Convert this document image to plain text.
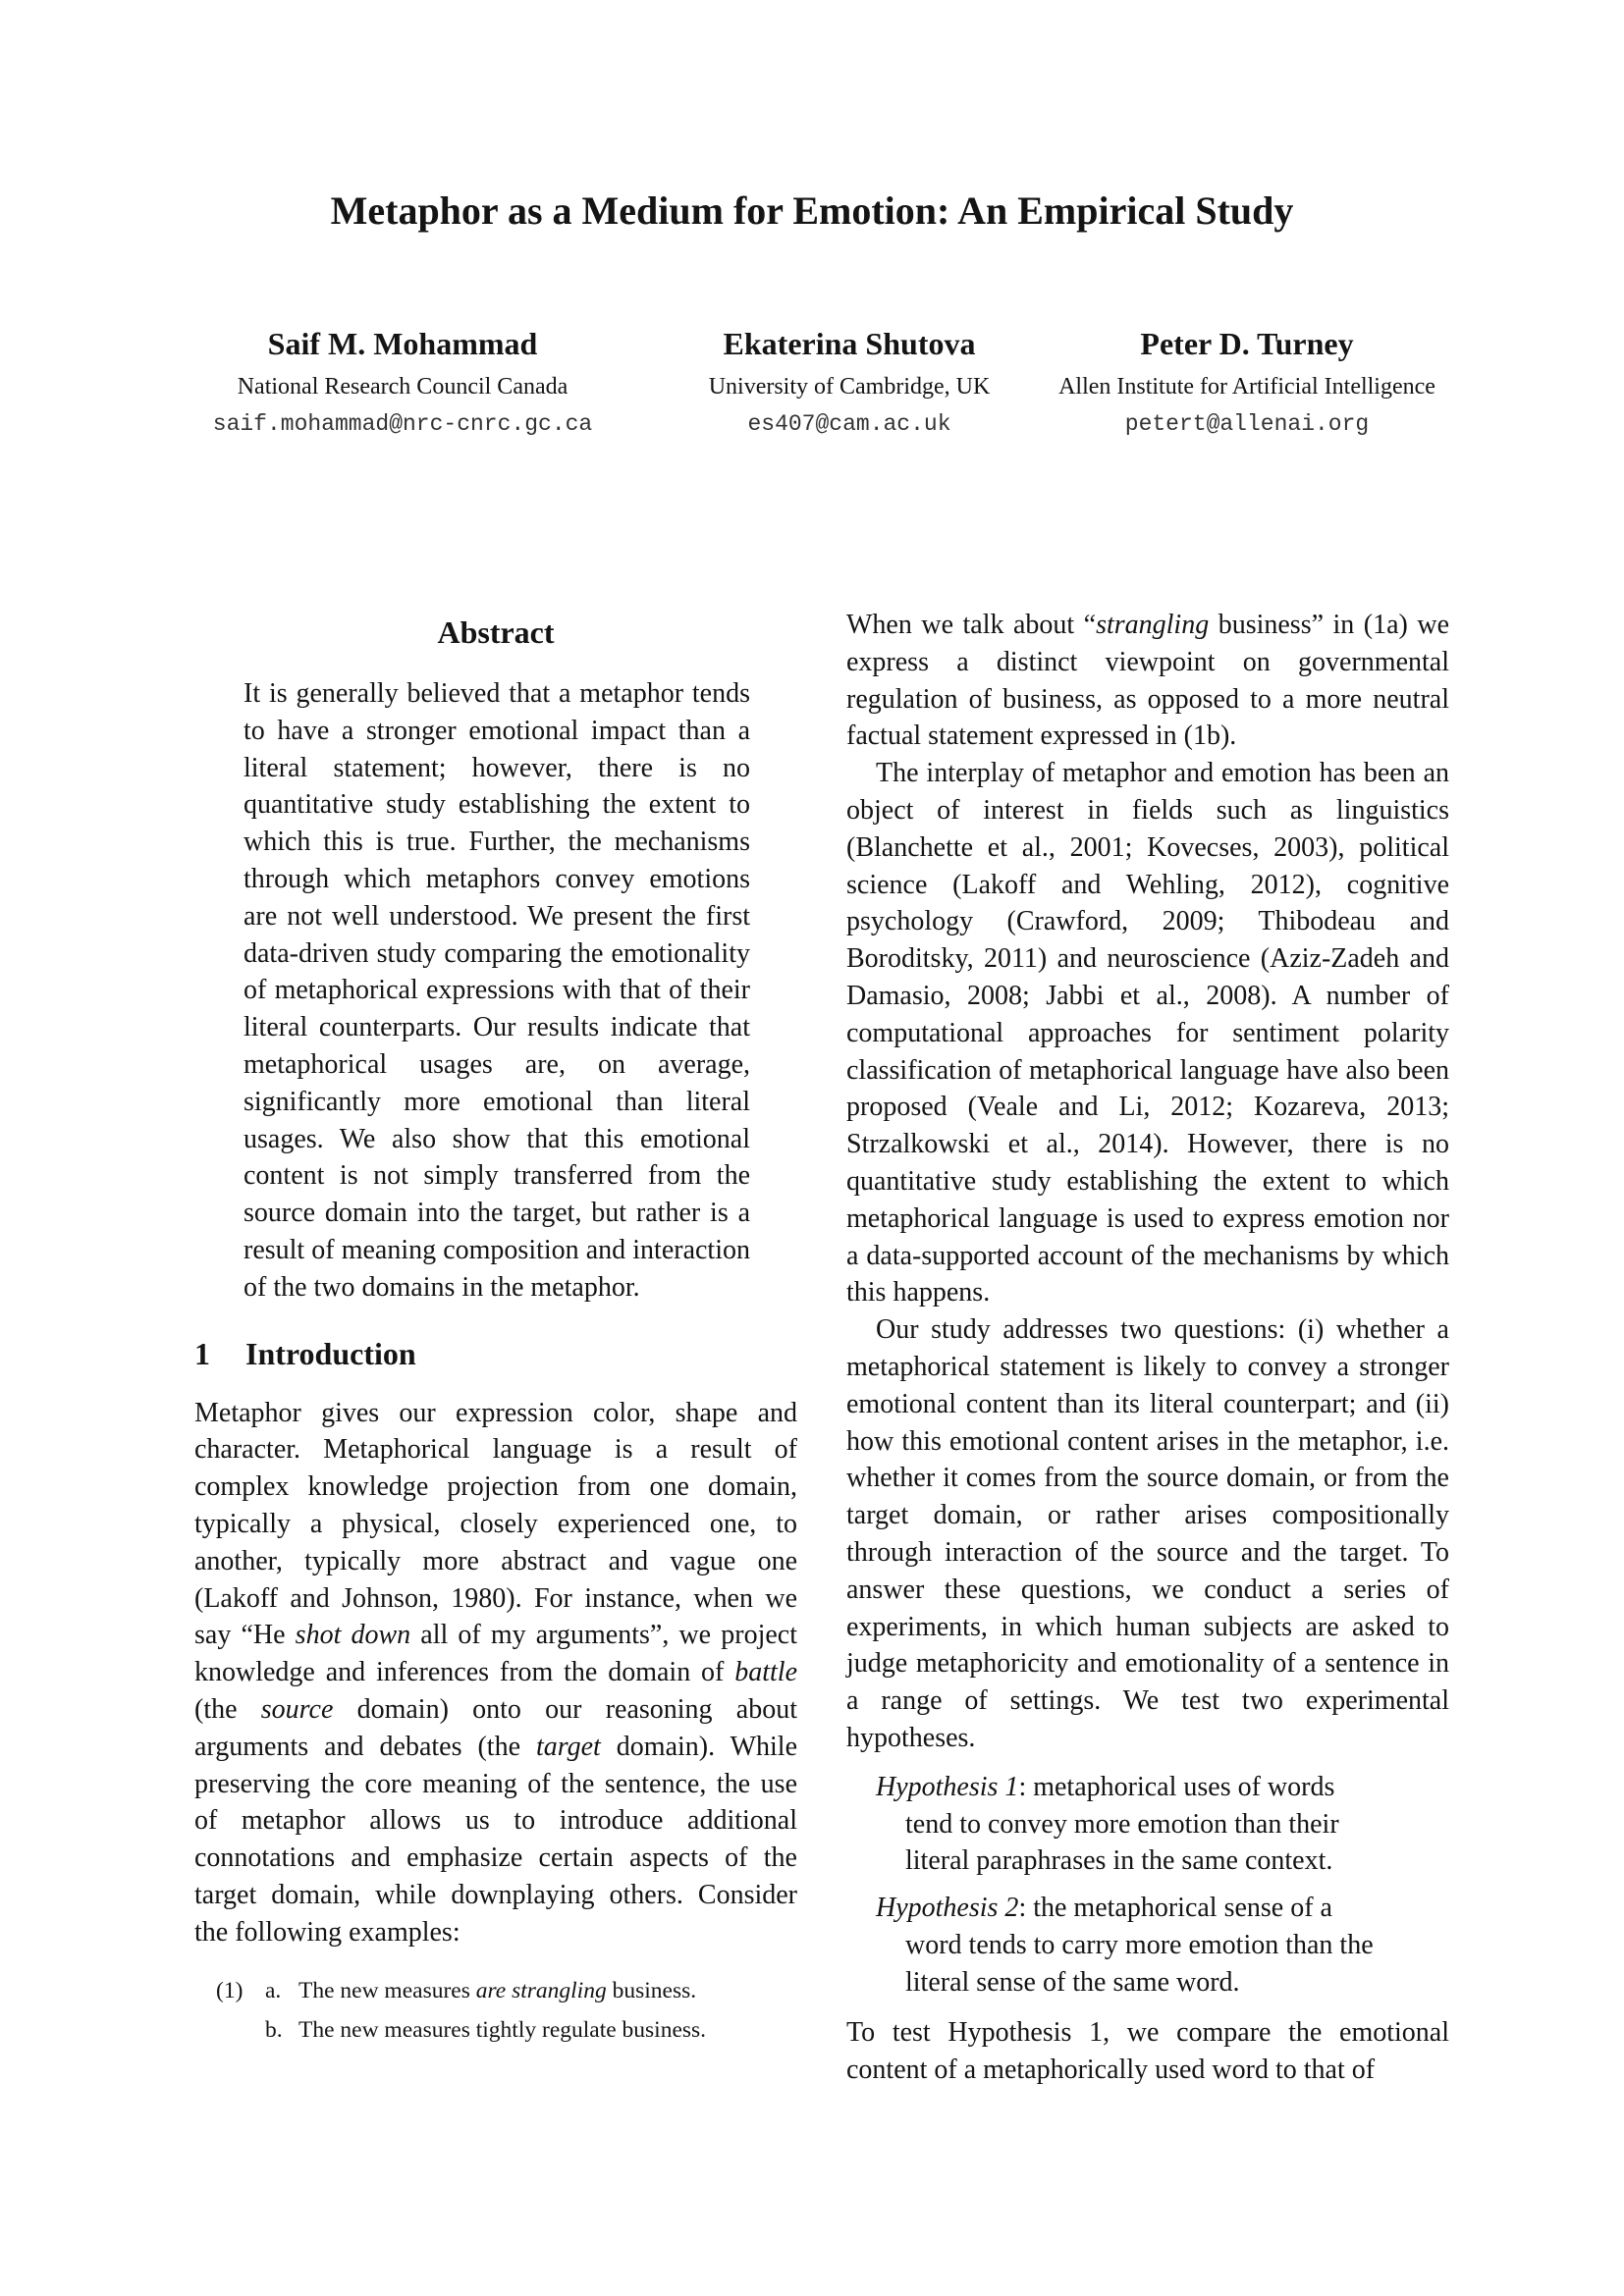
Metaphor as a Medium for Emotion: An Empirical Study
Saif M. Mohammad
National Research Council Canada
saif.mohammad@nrc-cnrc.gc.ca
Ekaterina Shutova
University of Cambridge, UK
es407@cam.ac.uk
Peter D. Turney
Allen Institute for Artificial Intelligence
petert@allenai.org
Abstract

It is generally believed that a metaphor tends to have a stronger emotional impact than a literal statement; however, there is no quantitative study establishing the extent to which this is true. Further, the mechanisms through which metaphors convey emotions are not well understood. We present the first data-driven study comparing the emotionality of metaphorical expressions with that of their literal counterparts. Our results indicate that metaphorical usages are, on average, significantly more emotional than literal usages. We also show that this emotional content is not simply transferred from the source domain into the target, but rather is a result of meaning composition and interaction of the two domains in the metaphor.

1 Introduction

Metaphor gives our expression color, shape and character. Metaphorical language is a result of complex knowledge projection from one domain, typically a physical, closely experienced one, to another, typically more abstract and vague one (Lakoff and Johnson, 1980). For instance, when we say “He shot down all of my arguments”, we project knowledge and inferences from the domain of battle (the source domain) onto our reasoning about arguments and debates (the target domain). While preserving the core meaning of the sentence, the use of metaphor allows us to introduce additional connotations and emphasize certain aspects of the target domain, while downplaying others. Consider the following examples:

(1) a. The new measures are strangling business.
b. The new measures tightly regulate business.

When we talk about “strangling business” in (1a) we express a distinct viewpoint on governmental regulation of business, as opposed to a more neutral factual statement expressed in (1b).

The interplay of metaphor and emotion has been an object of interest in fields such as linguistics (Blanchette et al., 2001; Kovecses, 2003), political science (Lakoff and Wehling, 2012), cognitive psychology (Crawford, 2009; Thibodeau and Boroditsky, 2011) and neuroscience (Aziz-Zadeh and Damasio, 2008; Jabbi et al., 2008). A number of computational approaches for sentiment polarity classification of metaphorical language have also been proposed (Veale and Li, 2012; Kozareva, 2013; Strzalkowski et al., 2014). However, there is no quantitative study establishing the extent to which metaphorical language is used to express emotion nor a data-supported account of the mechanisms by which this happens.

Our study addresses two questions: (i) whether a metaphorical statement is likely to convey a stronger emotional content than its literal counterpart; and (ii) how this emotional content arises in the metaphor, i.e. whether it comes from the source domain, or from the target domain, or rather arises compositionally through interaction of the source and the target. To answer these questions, we conduct a series of experiments, in which human subjects are asked to judge metaphoricity and emotionality of a sentence in a range of settings. We test two experimental hypotheses.

Hypothesis 1: metaphorical uses of words tend to convey more emotion than their literal paraphrases in the same context.

Hypothesis 2: the metaphorical sense of a word tends to carry more emotion than the literal sense of the same word.

To test Hypothesis 1, we compare the emotional content of a metaphorically used word to that of
